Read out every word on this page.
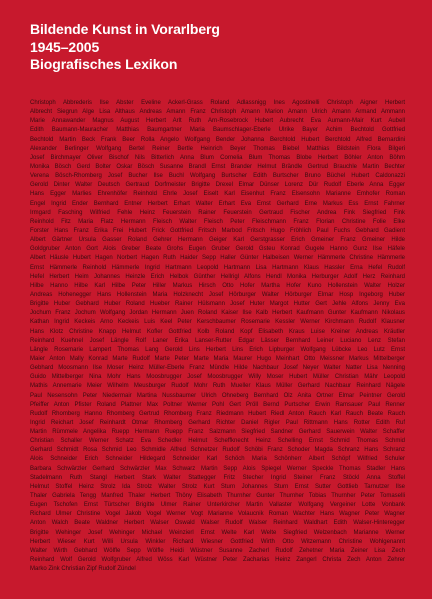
Bildende Kunst in Vorarlberg
1945–2005
Biografisches Lexikon
Christoph Abbrederis Ilse Abster Eveline Ackerl-Grass Roland Adlassnigg Ines Agostinelli Christoph Aigner Herbert
Albrecht Siegrun Alge Lisa Althaus Andreas Amann Franz Christoph Amann Marion Amann Ulrich Amann Armand Ammann
Marie Annawander Magnus August Herbert Arlt Ruth Arn-Rosebrock Hubert Aubrecht Eva Aumann-Mair Kurt Aubell
Edith Baumann-Mauracher Matthias Baumgartner Maria Baumschlager-Eberle Ulrike Bayer Achim Bechtold Gottfried
Bechtold Martin Beck Frank Beer Rolla Angelo Wolfgang Bender Johanna Berchtold Hubert Berchtold Alfred Bernardini
Alexander Berlinger Wolfgang Bertel Reiner Bertle Heinrich Beyer Thomas Biebel Matthias Bildstein Flora Bilgeri
Josef Birchmayer Oliver Bischof Nils Bitterlich Anna Blum Cornelia Blum Thomas Blobe Herbert Böhler Anton Böhm
Monika Bösch Gerd Bolter Oskar Bösch Susanne Brandl Ernst Brander Helmut Brändle Gertrud Brauchle Martin Bechter
Verena Bösch-Rhomberg Josef Bucher Ilse Buchl Wolfgang Burtscher Edith Burtscher Bruno Büchel Hubert Caldonazzi
Gerold Dinter Walter Deutsch Gertraud Dorfmeister Brigitte Drexel Elmar Dünser Lorenz Dür Rudolf Eberle Anna Egger
Hans Egger Marlies Ehrenhöfer Reinhold Ehrle Josef Eiselt Karl Eisenhut Franz Elsensohn Marianne Emhofer Roman
Engel Ingrid Ender Bernhard Entner Herbert Erhart Walter Erhart Eva Ernst Gerhard Erne Markus Ess Ernst Fahrner
Irmgard Fasching Wilfried Fehle Heinz Feuerstein Rainer Feuerstein Gertraud Fischer Andrea Fink Siegfried Fink
Reinhold Fitz Maria Flatz Hermann Fleisch Walter Fleisch Peter Fleischmann Franz Florian Christine Folie Elke
Forster Hans Franz Erika Frei Hubert Frick Gottfried Fritsch Marbod Fritsch Hugo Fröhlich Paul Fuchs Gebhard Gadient
Albert Gärtner Ursula Gasser Roland Gehrer Hermann Geiger Karl Gerstgrasser Erich Gmeiner Franz Gmeiner Hilde
Goldgruber Anton Gort Alois Greber Beate Grohs Eugen Gruber Gerold Gsteu Konrad Gugele Hanno Gunz Ilse Häfele
Albert Häusle Hubert Hagen Norbert Hagen Ruth Haider Sepp Haller Günter Halbeisen Werner Hämmerle Christine Hämmerle
Ernst Hämmerle Reinhold Hämmerle Ingrid Hartmann Leopold Hartmann Lisa Hartmann Klaus Hassler Erna Hefel Rudolf
Hefel Herbert Heim Johannes Heinzle Erich Helbok Günther Hellrigl Alfons Hendl Monika Herburger Adolf Herz Reinhard
Hilbe Hanno Hilbe Karl Hilbe Peter Hiller Markus Hirsch Otto Hofer Martha Hofer Kuno Hollenstein Walter Holzer
Andreas Hohenegger Hans Hollenstein Maria Holzknecht Josef Hörburger Walter Hörburger Elmar Hosp Ingeborg Huber
Brigitte Huber Gebhard Huber Roland Hueber Rainer Hülsmann Josef Huter Margot Hutter Gert Jehle Alfons Jenny Eva
Jochum Franz Jochum Wolfgang Jordan Hermann Juen Roland Kaiser Ilse Kalb Herbert Kaufmann Gunter Kaufmann Nikolaus
Kathan Ingrid Keckeis Arno Keckeis Luis Keel Peter Kerschbaumer Rosemarie Kessler Werner Kirchmann Rudolf Klausner
Hans Klotz Christine Knapp Helmut Kofler Gottfried Kolb Roland Kopf Elisabeth Kraus Luise Kreiner Andreas Kräutler
Reinhard Kuehnel Josef Längle Rolf Laner Erika Lanser-Rutter Edgar Lässer Bernhard Leiner Luciano Lenz Stefan
Längle Rosemarie Lampert Thomas Lang Gerold Lins Herbert Lins Erich Lipburger Wolfgang Lübcke Leo Lutz Ernst
Maier Anton Mally Konrad Marte Rudolf Marte Peter Marte Maria Maurer Hugo Meinhart Otto Meissner Markus Mittelberger
Gebhard Moosmann Ilse Moser Heinz Müller-Eberle Franz Mündle Hilde Nachbaur Josef Neyer Walter Natter Lisa Nenning
Guido Mittelberger Nina Mohr Hans Moosbrugger Josef Moosbrugger Willy Moser Hubert Müller Christian Mähr Leopold
Mathis Annemarie Meier Wilhelm Meusburger Rudolf Mohr Ruth Mueller Klaus Müller Gerhard Nachbaur Reinhard Nägele
Paul Nesensohn Peter Niedermair Martina Nussbaumer Ulrich Ohneberg Bernhard Ölz Anita Ortner Elmar Peintner Gerold
Pfeiffer Anton Pfister Roland Plattner Max Poltner Werner Pohl Gert Pröll Bernd Purtscher Erwin Ramsauer Paul Renner
Rudolf Rhomberg Hanno Rhomberg Gertrud Rhomberg Franz Riedmann Hubert Riedl Anton Rauch Karl Rauch Beate Rauch
Ingrid Reichart Josef Reinhardt Otmar Rhomberg Gerhard Richter Daniel Rigler Paul Rittmann Hans Rotter Edith Ruf
Martin Rümmele Angelika Ruepp Hermann Ruepp Franz Salzmann Siegfried Sandner Gerhard Sauerwein Walter Schaffer
Christian Schaller Werner Schatz Eva Schedler Helmut Scheffknecht Heinz Schelling Ernst Schmid Thomas Schmid
Gerhard Schmidt Rosa Schmid Leo Schmidle Alfred Schnetzer Rudolf Schöbi Franz Schoder Magda Schranz Hans Schranz
Alois Schneider Erich Schneider Hildegard Schneider Karl Schöch Maria Schönherr Albert Schöpf Wilfried Schuler
Barbara Schwärzler Gerhard Schwärzler Max Schwarz Martin Sepp Alois Spiegel Werner Speckle Thomas Stadler Hans
Stadelmann Ruth Stangl Herbert Stark Walter Stattegger Fritz Stecher Ingrid Steiner Franz Stöckl Anna Stoffel
Helmut Stoffel Heinz Strolz Ida Strolz Walter Strolz Kurt Sturn Johannes Sturn Ernst Sutter Gottlieb Tarnutzer Ilse
Thaler Gabriela Tengg Manfred Thaler Herbert Thöny Elisabeth Thurnher Gunter Thurnher Tobias Thurnher Peter Tomaselli
Eugen Tschofen Ernst Türtscher Brigitte Ulmer Rainer Unterkircher Martin Vallaster Wolfgang Vergeiner Lotte Vonbank
Richard Ulmer Christine Vogel Jakob Vogel Werner Vogt Marianne Volaucnik Roman Wachter Hans Wagner Peter Wagner
Anton Walch Beate Waldner Herbert Walser Oswald Walser Rudolf Walser Reinhard Waldhart Edith Walser-Hinteregger
Brigitte Wehinger Josef Wehinger Michael Weinzierl Ernst Welte Karl Welte Siegfried Welzenbach Marianne Werner
Herbert Wieser Kurt Willi Ursula Winkler Richard Wiesner Gottfried Wirth Otto Witzemann Christine Wohlgenannt
Walter Wirth Gebhard Wölfle Sepp Wölfle Heidi Wüstner Susanne Zacherl Rudolf Zehetner Maria Zeiner Lisa Zech
Reinhard Wolf Gerold Wolfgruber Alfred Wöss Karl Wüstner Peter Zacharias Heinz Zangerl Christa Zech Anton Zehrer
Marko Zink Christian Zipf Rudolf Zündel
